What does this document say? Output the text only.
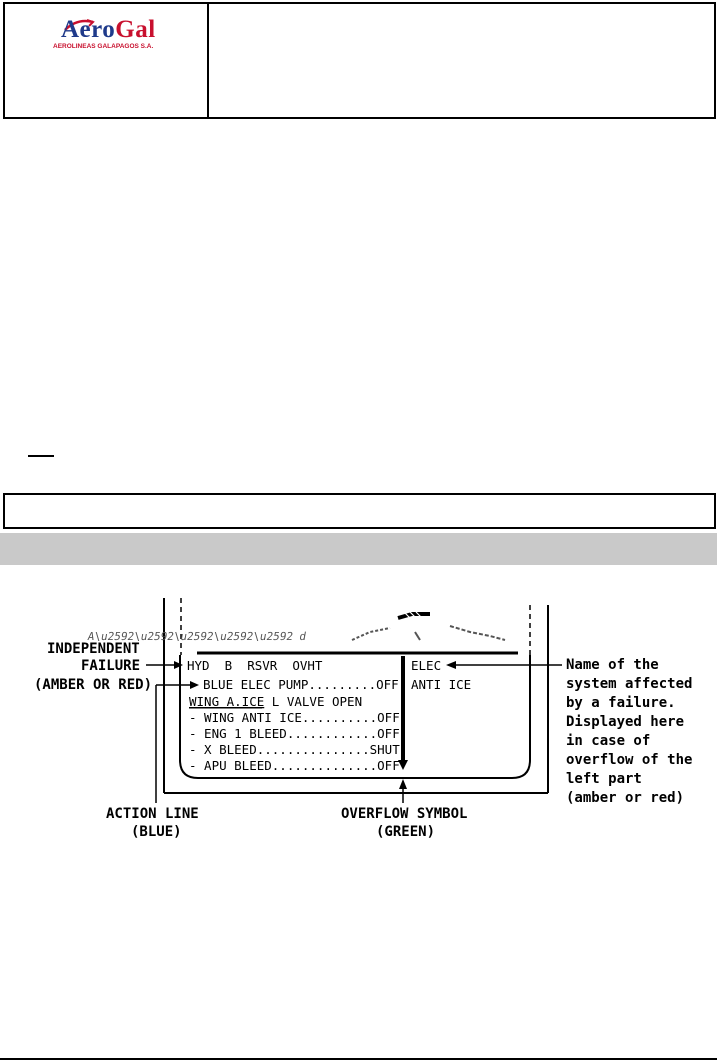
AeroGal
AEROLINEAS GALAPAGOS S.A.
A\u2592\u2592\u2592\u2592\u2592 d
HYD  B  RSVR  OVHT
BLUE ELEC PUMP.........OFF
WING A.ICE L VALVE OPEN
- WING ANTI ICE..........OFF
- ENG 1 BLEED............OFF
- X BLEED...............SHUT
- APU BLEED..............OFF
ELEC
ANTI ICE
INDEPENDENT
FAILURE
(AMBER OR RED)
ACTION LINE
(BLUE)
OVERFLOW SYMBOL
(GREEN)
Name of the
system affected
by a failure.
Displayed here
in case of
overflow of the
left part
(amber or red)
